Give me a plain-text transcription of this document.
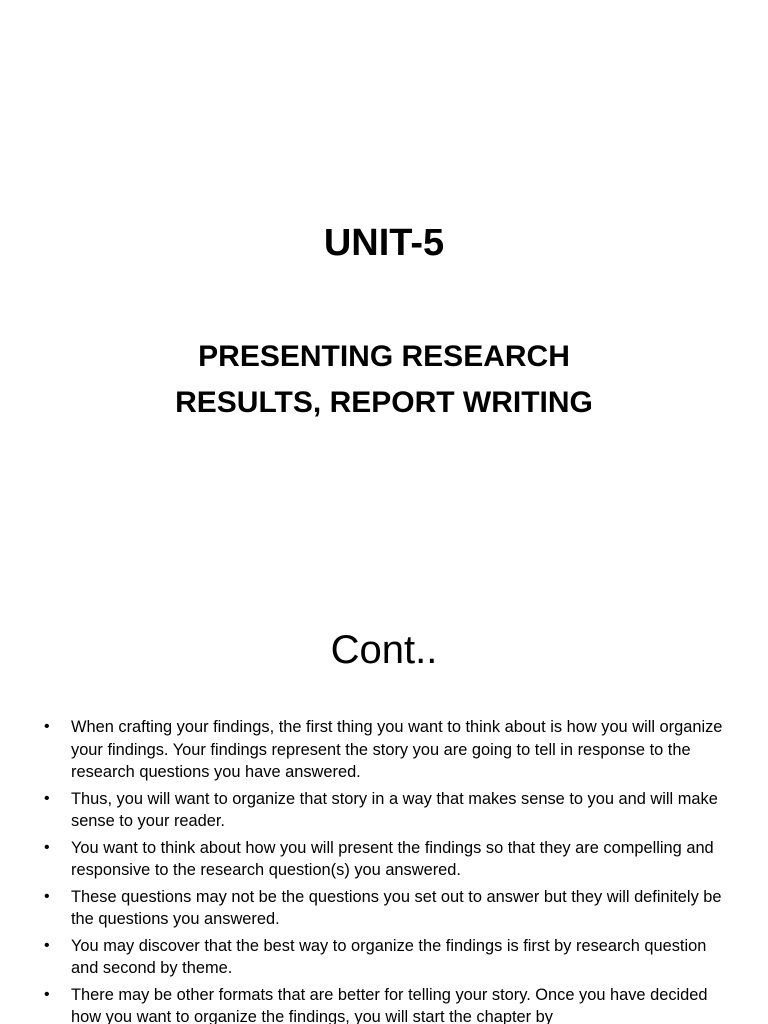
UNIT-5
PRESENTING RESEARCH
RESULTS, REPORT WRITING
Cont..
• When crafting your findings, the first thing you want to think about is how you will organize your findings. Your findings represent the story you are going to tell in response to the research questions you have answered.
• Thus, you will want to organize that story in a way that makes sense to you and will make sense to your reader.
• You want to think about how you will present the findings so that they are compelling and responsive to the research question(s) you answered.
• These questions may not be the questions you set out to answer but they will definitely be the questions you answered.
• You may discover that the best way to organize the findings is first by research question and second by theme.
• There may be other formats that are better for telling your story. Once you have decided how you want to organize the findings, you will start the chapter by
